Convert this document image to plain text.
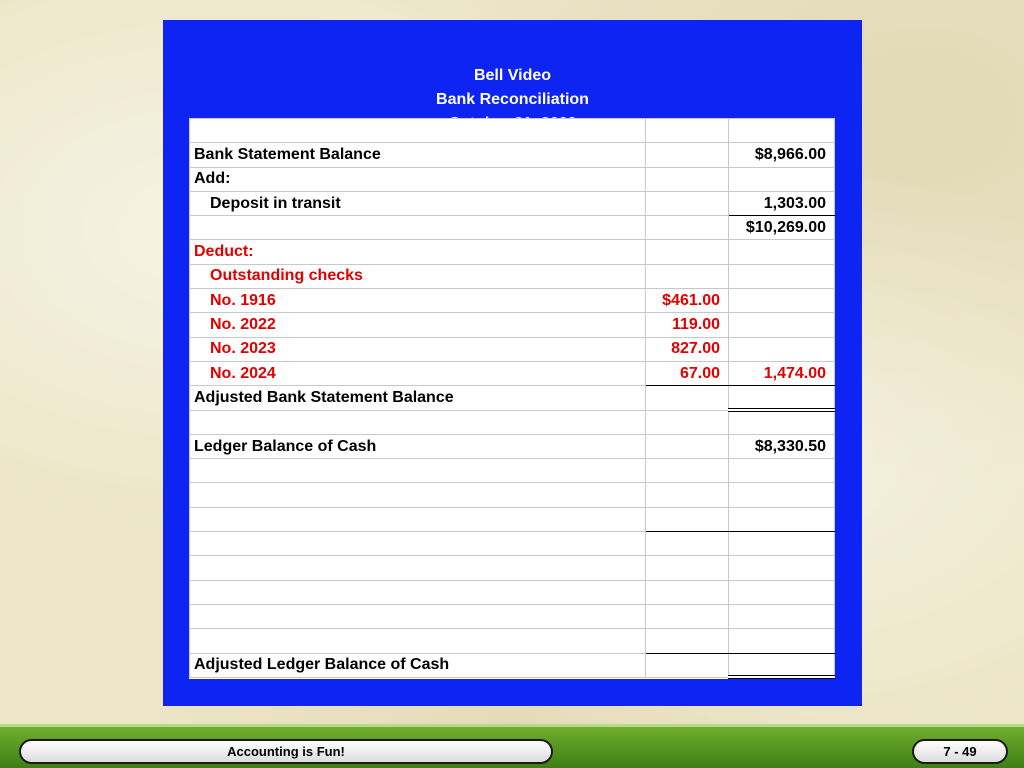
Bell Video
Bank Reconciliation

Bank Statement Balance		$8,966.00
Add:		
Deposit in transit		1,303.00
		$10,269.00
Deduct:		
Outstanding checks		
No. 1916	$461.00	
No. 2022	119.00	
No. 2023	827.00	
No. 2024	67.00	1,474.00
Adjusted Bank Statement Balance		

Ledger Balance of Cash		$8,330.50

Adjusted Ledger Balance of Cash		
Accounting is Fun!	7 - 49
